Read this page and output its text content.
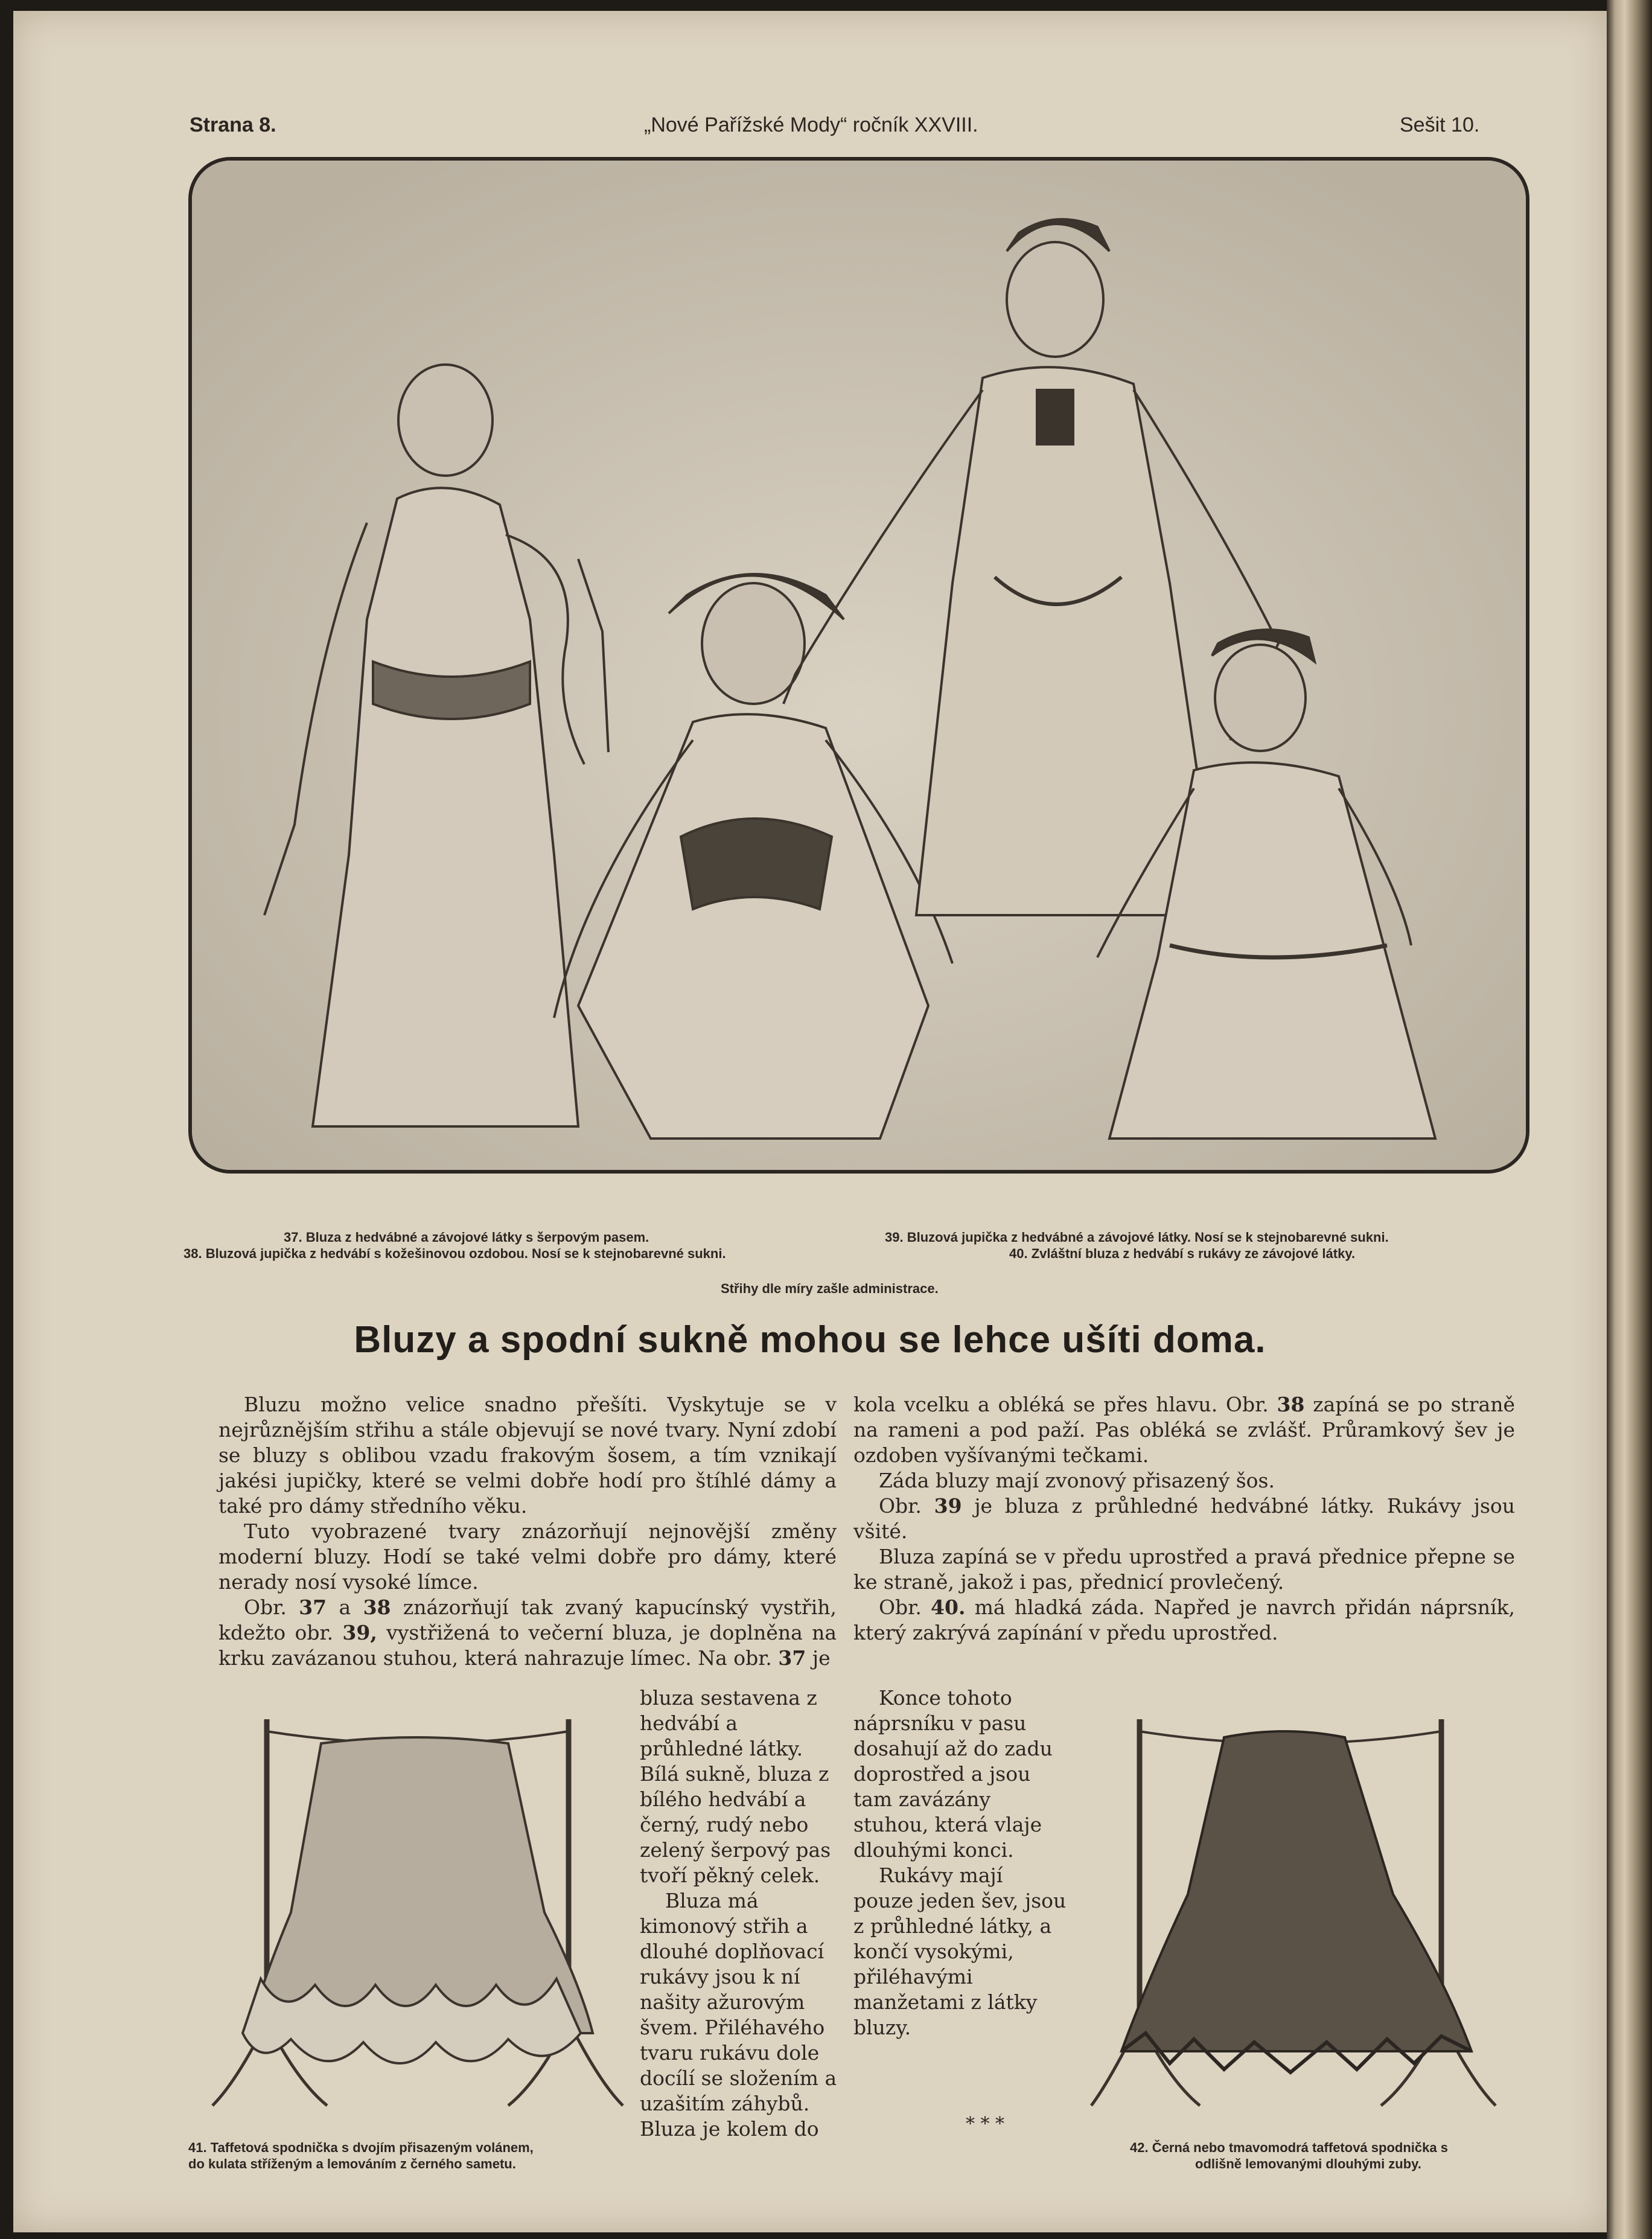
Strana 8.	„Nové Pařížské Mody“ ročník XXVIII.	Sešit 10.
37. Bluza z hedvábné a závojové látky s šerpovým pasem.
38. Bluzová jupička z hedvábí s kožešinovou ozdobou. Nosí se k stejnobarevné sukni.
39. Bluzová jupička z hedvábné a závojové látky. Nosí se k stejnobarevné sukni.
40. Zvláštní bluza z hedvábí s rukávy ze závojové látky.
Střihy dle míry zašle administrace.
Bluzy a spodní sukně mohou se lehce ušíti doma.

Bluzu možno velice snadno přešíti. Vyskytuje se v nejrůznějším střihu a stále objevují se nové tvary. Nyní zdobí se bluzy s oblibou vzadu frakovým šosem, a tím vznikají jakési jupičky, které se velmi dobře hodí pro štíhlé dámy a také pro dámy středního věku.

Tuto vyobrazené tvary znázorňují nejnovější změny moderní bluzy. Hodí se také velmi dobře pro dámy, které nerady nosí vysoké límce.

Obr. 37 a 38 znázorňují tak zvaný kapucínský vystřih, kdežto obr. 39, vystřižená to večerní bluza, je doplněna na krku zavázanou stuhou, která nahrazuje límec. Na obr. 37 je

bluza sestavena z hedvábí a průhledné látky. Bílá sukně, bluza z bílého hedvábí a černý, rudý nebo zelený šerpový pas tvoří pěkný celek.

Bluza má kimonový střih a dlouhé doplňovací rukávy jsou k ní našity ažurovým švem. Přiléhavého tvaru rukávu dole docílí se složením a uzašitím záhybů. Bluza je kolem do

41. Taffetová spodnička s dvojím přisazeným volánem,
do kulata stříženým a lemováním z černého sametu.

kola vcelku a obléká se přes hlavu. Obr. 38 zapíná se po straně na rameni a pod paží. Pas obléká se zvlášť. Průramkový šev je ozdoben vyšívanými tečkami.

Záda bluzy mají zvonový přisazený šos.

Obr. 39 je bluza z průhledné hedvábné látky. Rukávy jsou všité.

Bluza zapíná se v předu uprostřed a pravá přednice přepne se ke straně, jakož i pas, přednicí provlečený.

Obr. 40. má hladká záda. Napřed je navrch přidán náprsník, který zakrývá zapínání v předu uprostřed.

Konce tohoto náprsníku v pasu dosahují až do zadu doprostřed a jsou tam zavázány stuhou, která vlaje dlouhými konci.

Rukávy mají pouze jeden šev, jsou z průhledné látky, a končí vysokými, přiléhavými manžetami z látky bluzy.

* * *
42. Černá nebo tmavomodrá taffetová spodnička s
odlišně lemovanými dlouhými zuby.
